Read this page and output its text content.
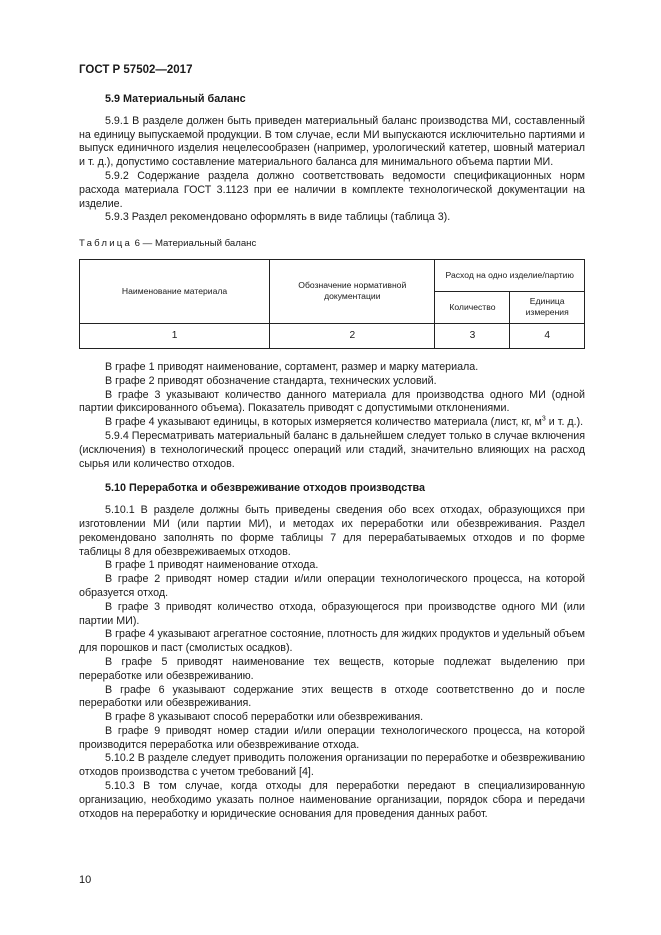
ГОСТ Р 57502—2017
5.9 Материальный баланс

5.9.1 В разделе должен быть приведен материальный баланс производства МИ, составленный на единицу выпускаемой продукции. В том случае, если МИ выпускаются исключительно партиями и выпуск единичного изделия нецелесообразен (например, урологический катетер, шовный материал и т. д.), допустимо составление материального баланса для минимального объема партии МИ.

5.9.2 Содержание раздела должно соответствовать ведомости спецификационных норм расхода материала ГОСТ 3.1123 при ее наличии в комплекте технологической документации на изделие.

5.9.3 Раздел рекомендовано оформлять в виде таблицы (таблица 3).

Таблица 6 — Материальный баланс
Наименование материала	Обозначение нормативной документации	Расход на одно изделие/партию	
		Количество	Единица измерения
1	2	3	4

В графе 1 приводят наименование, сортамент, размер и марку материала.

В графе 2 приводят обозначение стандарта, технических условий.

В графе 3 указывают количество данного материала для производства одного МИ (одной партии фиксированного объема). Показатель приводят с допустимыми отклонениями.

В графе 4 указывают единицы, в которых измеряется количество материала (лист, кг, $м^3$ и т. д.).

5.9.4 Пересматривать материальный баланс в дальнейшем следует только в случае включения (исключения) в технологический процесс операций или стадий, значительно влияющих на расход сырья или количество отходов.

5.10 Переработка и обезвреживание отходов производства

5.10.1 В разделе должны быть приведены сведения обо всех отходах, образующихся при изготовлении МИ (или партии МИ), и методах их переработки или обезвреживания. Раздел рекомендовано заполнять по форме таблицы 7 для перерабатываемых отходов и по форме таблицы 8 для обезвреживаемых отходов.

В графе 1 приводят наименование отхода.

В графе 2 приводят номер стадии и/или операции технологического процесса, на которой образуется отход.

В графе 3 приводят количество отхода, образующегося при производстве одного МИ (или партии МИ).

В графе 4 указывают агрегатное состояние, плотность для жидких продуктов и удельный объем для порошков и паст (смолистых осадков).

В графе 5 приводят наименование тех веществ, которые подлежат выделению при переработке или обезвреживанию.

В графе 6 указывают содержание этих веществ в отходе соответственно до и после переработки или обезвреживания.

В графе 8 указывают способ переработки или обезвреживания.

В графе 9 приводят номер стадии и/или операции технологического процесса, на которой производится переработка или обезвреживание отхода.

5.10.2 В разделе следует приводить положения организации по переработке и обезвреживанию отходов производства с учетом требований [4].

5.10.3 В том случае, когда отходы для переработки передают в специализированную организацию, необходимо указать полное наименование организации, порядок сбора и передачи отходов на переработку и юридические основания для проведения данных работ.

10
